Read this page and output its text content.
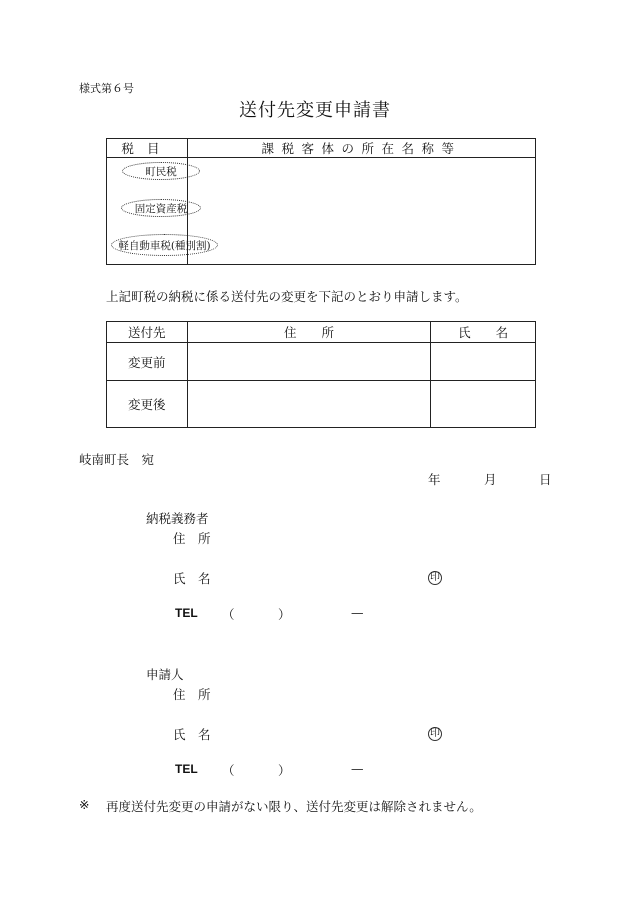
様式第６号
送付先変更申請書
税目	課税客体の所在名称等

町民税
固定資産税
軽自動車税(種別割)	

上記町税の納税に係る送付先の変更を下記のとおり申請します。
送付先	住　　所	氏　　名
変更前		
変更後		
岐南町長　宛
年	月	日
納税義務者
住　所
氏　名	印
TEL （	）	—
申請人
住　所
氏　名	印
TEL （	）	—
※ 再度送付先変更の申請がない限り、送付先変更は解除されません。
